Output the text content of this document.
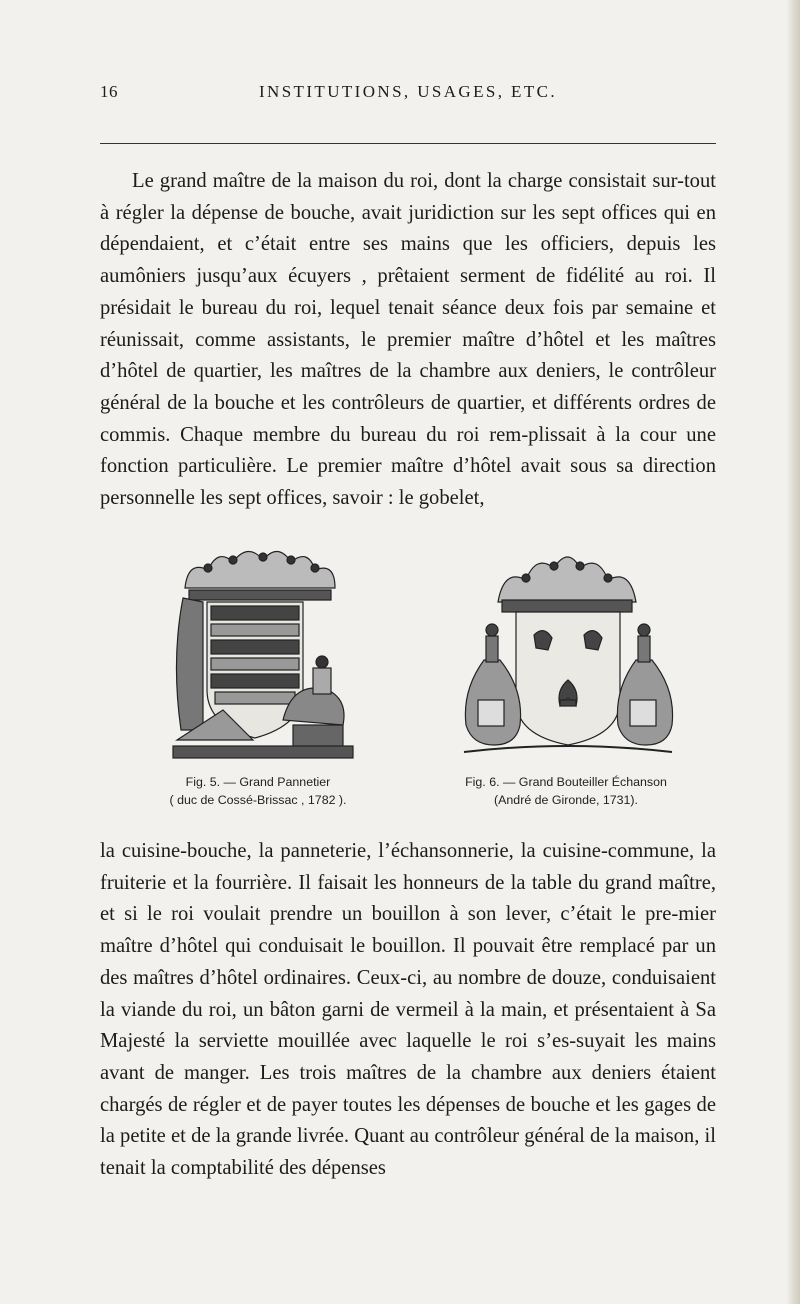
16	INSTITUTIONS, USAGES, ETC.

Le grand maître de la maison du roi, dont la charge consistait sur-tout à régler la dépense de bouche, avait juridiction sur les sept offices qui en dépendaient, et c’était entre ses mains que les officiers, depuis les aumôniers jusqu’aux écuyers , prêtaient serment de fidélité au roi. Il présidait le bureau du roi, lequel tenait séance deux fois par semaine et réunissait, comme assistants, le premier maître d’hôtel et les maîtres d’hôtel de quartier, les maîtres de la chambre aux deniers, le contrôleur général de la bouche et les contrôleurs de quartier, et différents ordres de commis. Chaque membre du bureau du roi rem-plissait à la cour une fonction particulière. Le premier maître d’hôtel avait sous sa direction personnelle les sept offices, savoir : le gobelet,

Fig. 5. — Grand Pannetier
( duc de Cossé-Brissac , 1782 ).
Fig. 6. — Grand Bouteiller Échanson
(André de Gironde, 1731).

la cuisine-bouche, la panneterie, l’échansonnerie, la cuisine-commune, la fruiterie et la fourrière. Il faisait les honneurs de la table du grand maître, et si le roi voulait prendre un bouillon à son lever, c’était le pre-mier maître d’hôtel qui conduisait le bouillon. Il pouvait être remplacé par un des maîtres d’hôtel ordinaires. Ceux-ci, au nombre de douze, conduisaient la viande du roi, un bâton garni de vermeil à la main, et présentaient à Sa Majesté la serviette mouillée avec laquelle le roi s’es-suyait les mains avant de manger. Les trois maîtres de la chambre aux deniers étaient chargés de régler et de payer toutes les dépenses de bouche et les gages de la petite et de la grande livrée. Quant au contrôleur général de la maison, il tenait la comptabilité des dépenses
